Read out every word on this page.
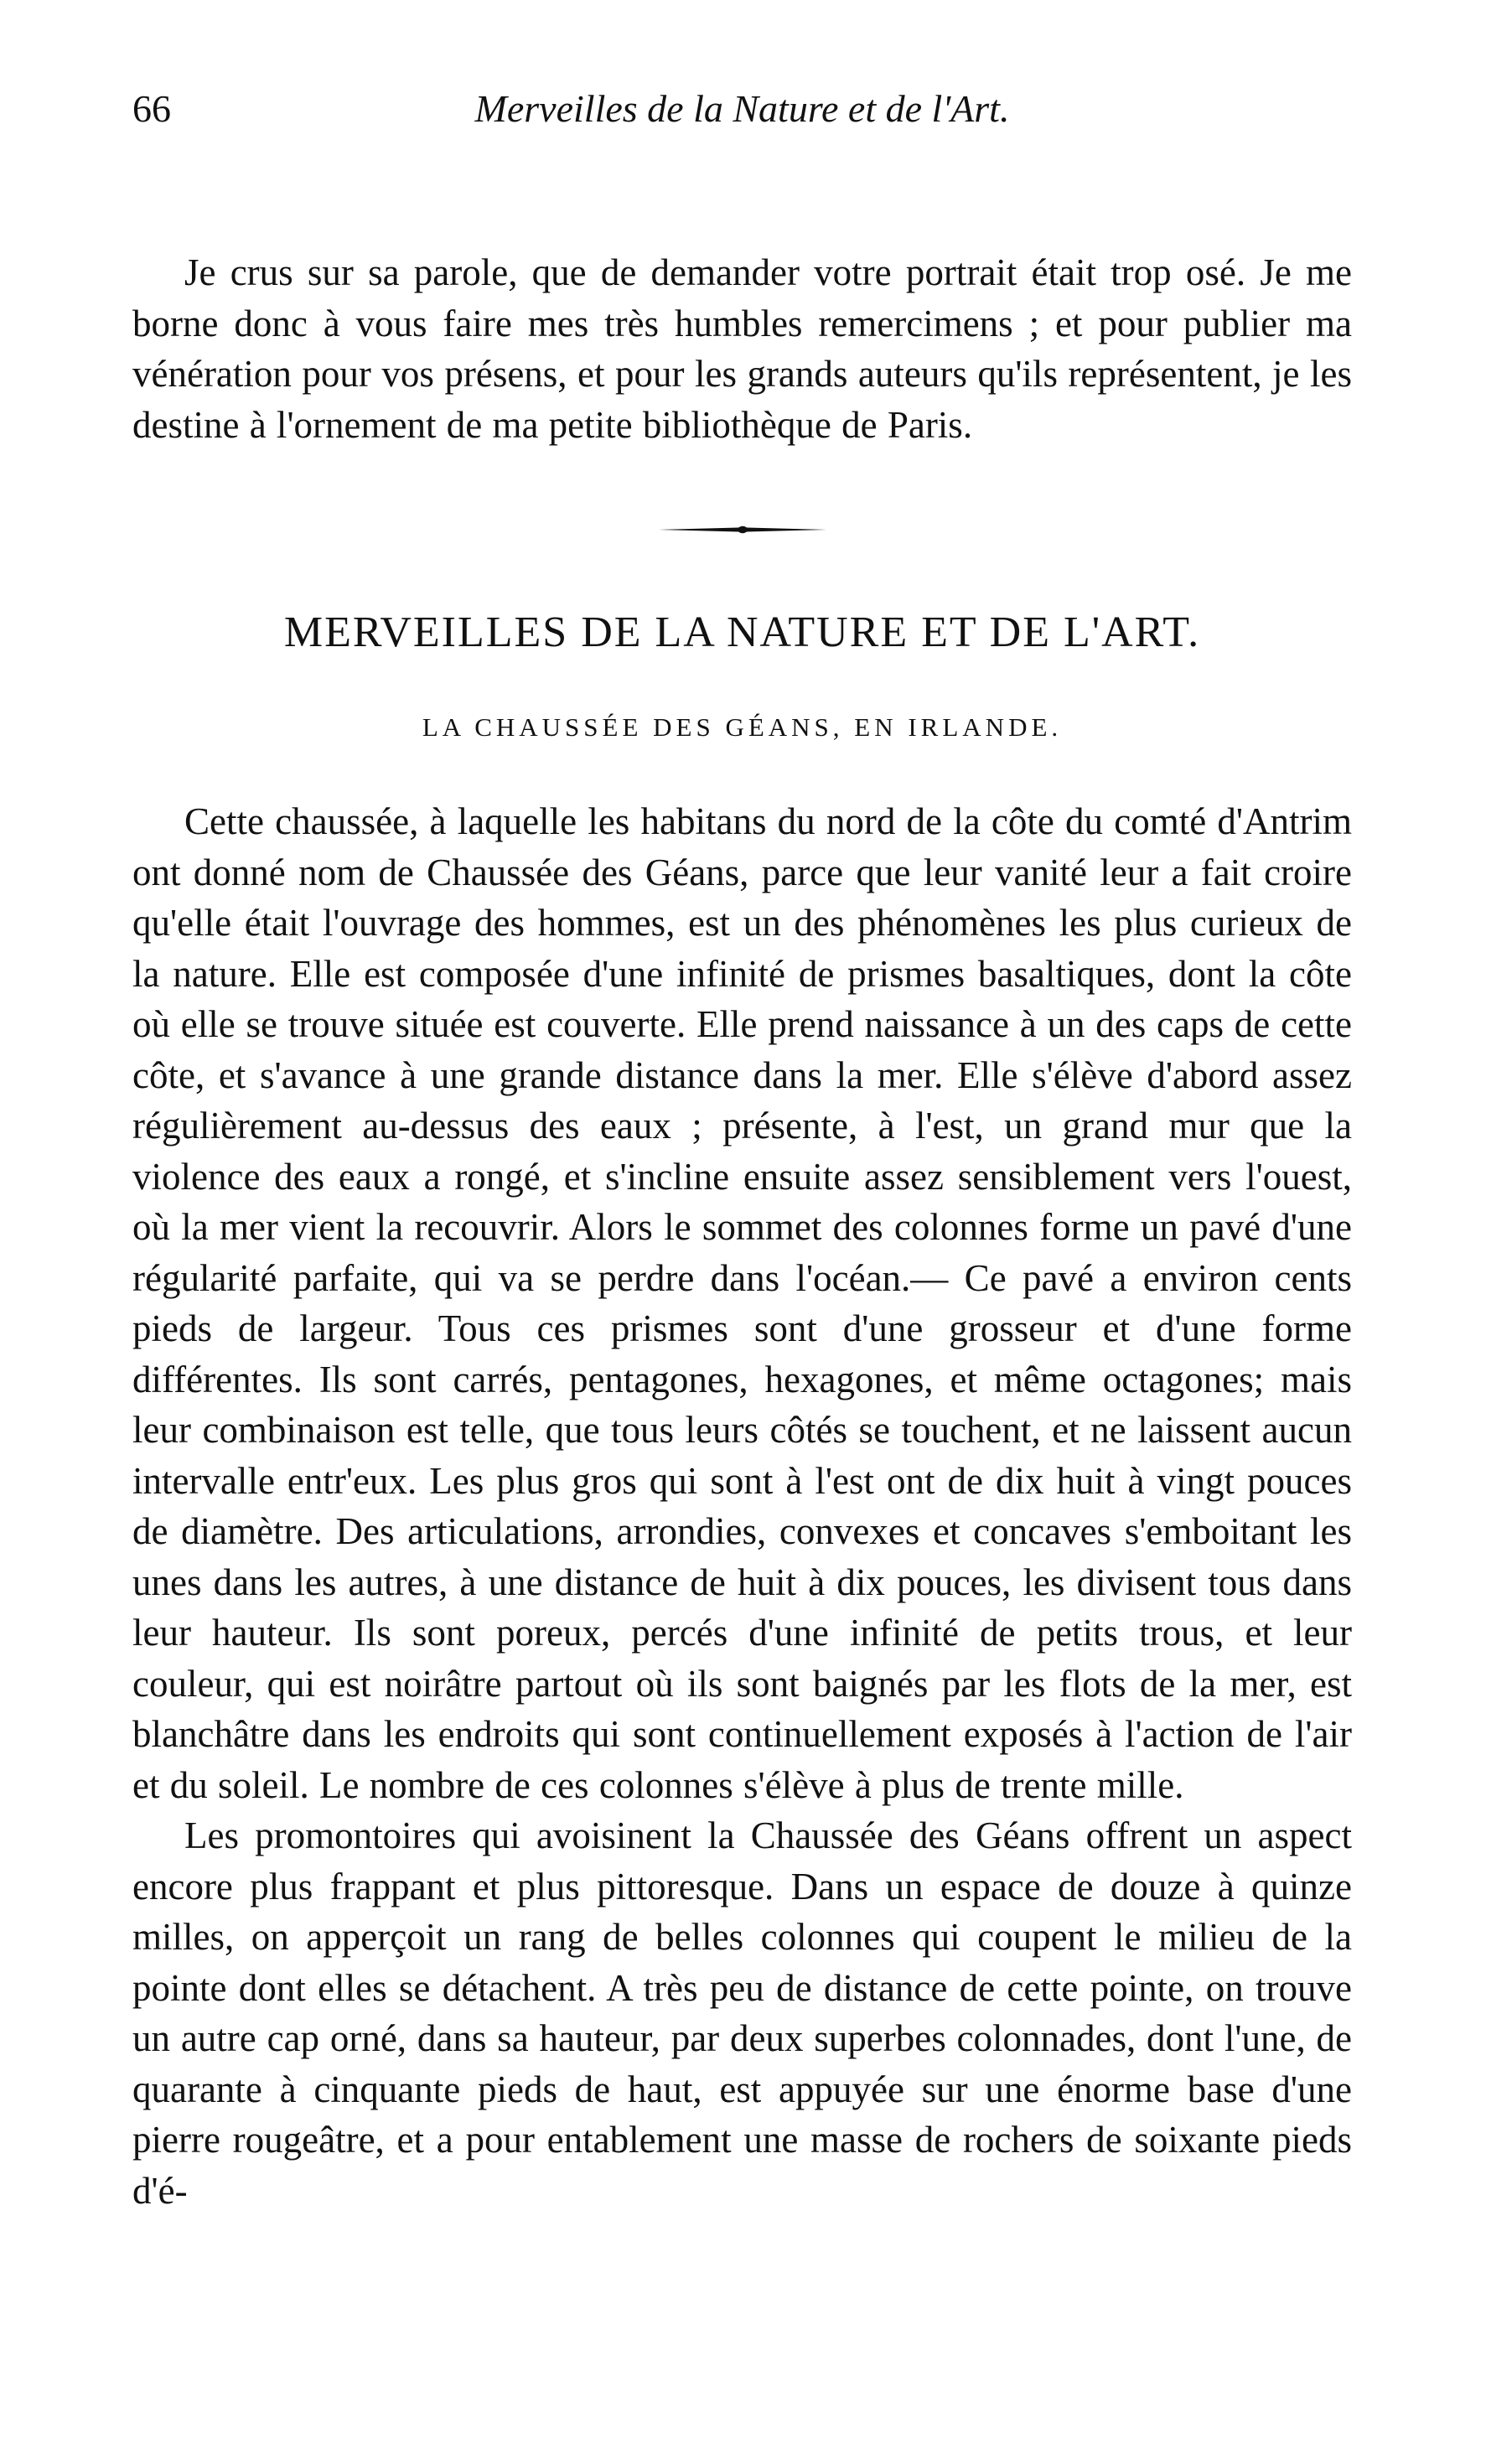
66	Merveilles de la Nature et de l'Art.

Je crus sur sa parole, que de demander votre portrait était trop osé. Je me borne donc à vous faire mes très humbles remercimens ; et pour publier ma vénération pour vos présens, et pour les grands auteurs qu'ils représentent, je les destine à l'ornement de ma petite bibliothèque de Paris.

MERVEILLES DE LA NATURE ET DE L'ART.
LA CHAUSSÉE DES GÉANS, EN IRLANDE.

Cette chaussée, à laquelle les habitans du nord de la côte du comté d'Antrim ont donné nom de Chaussée des Géans, parce que leur vanité leur a fait croire qu'elle était l'ouvrage des hommes, est un des phénomènes les plus curieux de la nature. Elle est composée d'une infinité de prismes basaltiques, dont la côte où elle se trouve située est couverte. Elle prend naissance à un des caps de cette côte, et s'avance à une grande distance dans la mer. Elle s'élève d'abord assez régulièrement au-dessus des eaux ; présente, à l'est, un grand mur que la violence des eaux a rongé, et s'incline ensuite assez sensiblement vers l'ouest, où la mer vient la recouvrir. Alors le sommet des colonnes forme un pavé d'une régularité parfaite, qui va se perdre dans l'océan.— Ce pavé a environ cents pieds de largeur. Tous ces prismes sont d'une grosseur et d'une forme différentes. Ils sont carrés, pentagones, hexagones, et même octagones; mais leur combinaison est telle, que tous leurs côtés se touchent, et ne laissent aucun intervalle entr'eux. Les plus gros qui sont à l'est ont de dix huit à vingt pouces de diamètre. Des articulations, arrondies, convexes et concaves s'emboitant les unes dans les autres, à une distance de huit à dix pouces, les divisent tous dans leur hauteur. Ils sont poreux, percés d'une infinité de petits trous, et leur couleur, qui est noirâtre partout où ils sont baignés par les flots de la mer, est blanchâtre dans les endroits qui sont continuellement exposés à l'action de l'air et du soleil. Le nombre de ces colonnes s'élève à plus de trente mille.

Les promontoires qui avoisinent la Chaussée des Géans offrent un aspect encore plus frappant et plus pittoresque. Dans un espace de douze à quinze milles, on apperçoit un rang de belles colonnes qui coupent le milieu de la pointe dont elles se détachent. A très peu de distance de cette pointe, on trouve un autre cap orné, dans sa hauteur, par deux superbes colonnades, dont l'une, de quarante à cinquante pieds de haut, est appuyée sur une énorme base d'une pierre rougeâtre, et a pour entablement une masse de rochers de soixante pieds d'é-
